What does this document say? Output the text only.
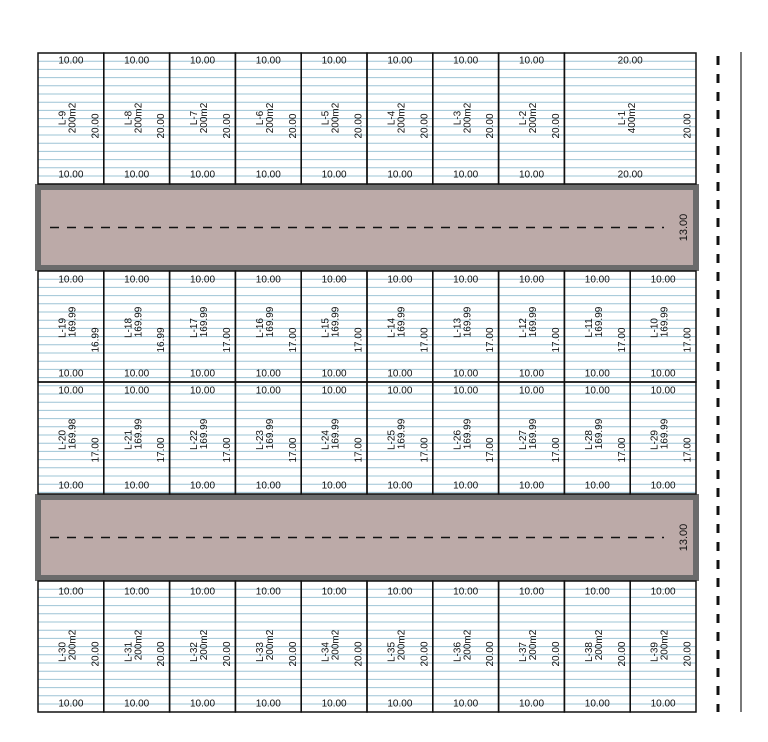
10.00
10.00
L-9 200m2 20.00
10.00
10.00
L-8 200m2 20.00
10.00
10.00
L-7 200m2 20.00
10.00
10.00
L-6 200m2 20.00
10.00
10.00
L-5 200m2 20.00
10.00
10.00
L-4 200m2 20.00
10.00
10.00
L-3 200m2 20.00
10.00
10.00
L-2 200m2 20.00
20.00
20.00
L-1 400m2	20.00
13.00
10.00
10.00
L-19 169.99
16.99
10.00
10.00
L-20 169.98
17.00
10.00
10.00
L-18 169.99
16.99
10.00
10.00
L-21 169.99
17.00
10.00
10.00
L-17 169.99
17.00
10.00
10.00
L-22 169.99
17.00
10.00
10.00
L-16 169.99
17.00
10.00
10.00
L-23 169.99
17.00
10.00
10.00
L-15 169.99
17.00
10.00
10.00
L-24 169.99
17.00
10.00
10.00
L-14 169.99
17.00
10.00
10.00
L-25 169.99
17.00
10.00
10.00
L-13 169.99
17.00
10.00
10.00
L-26 169.99
17.00
10.00
10.00
L-12 169.99
17.00
10.00
10.00
L-27 169.99
17.00
10.00
10.00
L-11 169.99
17.00
10.00
10.00
L-28 169.99
17.00
10.00
10.00
L-10 169.99
17.00
10.00
10.00
L-29 169.99
17.00
13.00
10.00
10.00
L-30 200m2 20.00
10.00
10.00
L-31 200m2 20.00
10.00
10.00
L-32 200m2 20.00
10.00
10.00
L-33 200m2 20.00
10.00
10.00
L-34 200m2 20.00
10.00
10.00
L-35 200m2 20.00
10.00
10.00
L-36 200m2 20.00
10.00
10.00
L-37 200m2 20.00
10.00
10.00
L-38 200m2 20.00
10.00
10.00
L-39 200m2 20.00
